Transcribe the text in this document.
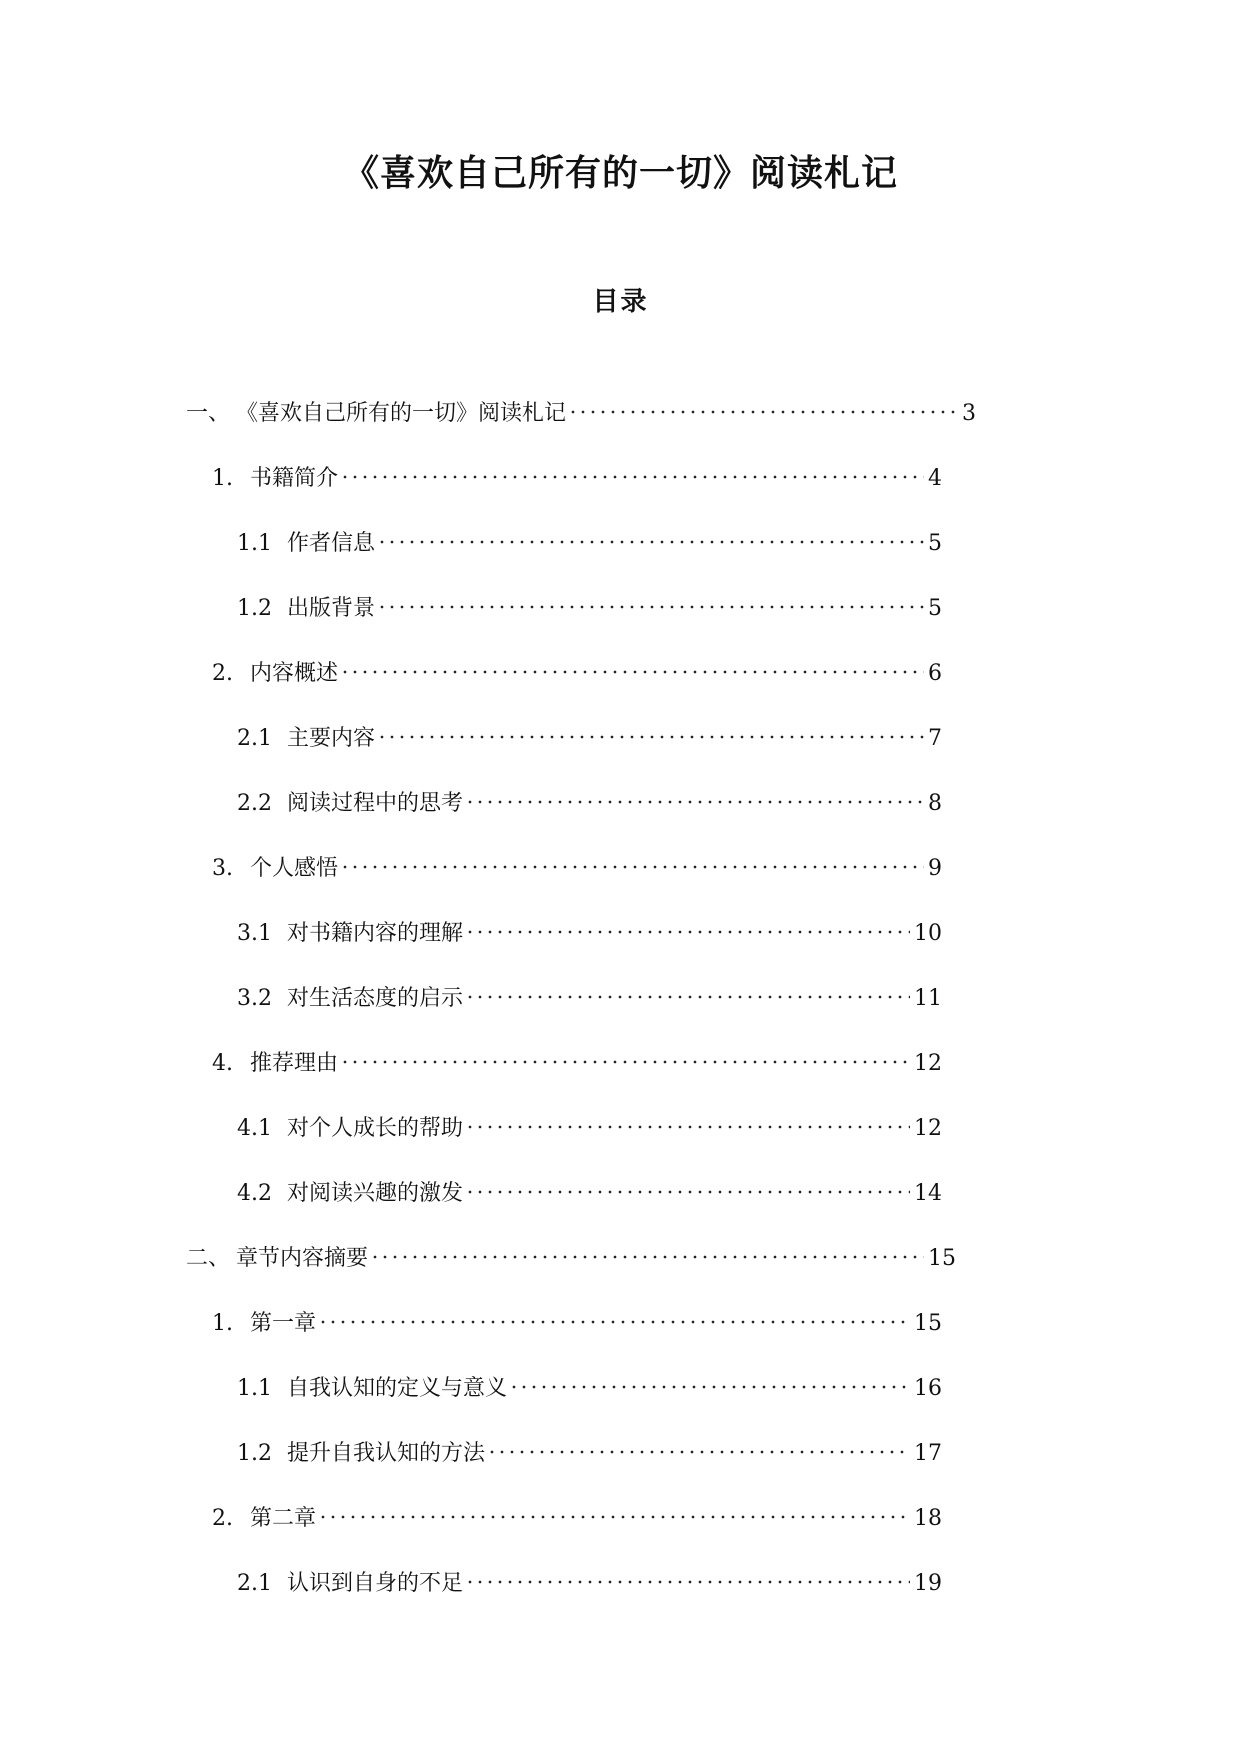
《喜欢自己所有的一切》阅读札记
目录
一、 《喜欢自己所有的一切》阅读札记	3
1. 书籍简介	4
1.1 作者信息	5
1.2 出版背景	5
2. 内容概述	6
2.1 主要内容	7
2.2 阅读过程中的思考	8
3. 个人感悟	9
3.1 对书籍内容的理解	10
3.2 对生活态度的启示	11
4. 推荐理由	12
4.1 对个人成长的帮助	12
4.2 对阅读兴趣的激发	14
二、 章节内容摘要	15
1. 第一章	15
1.1 自我认知的定义与意义	16
1.2 提升自我认知的方法	17
2. 第二章	18
2.1 认识到自身的不足	19
